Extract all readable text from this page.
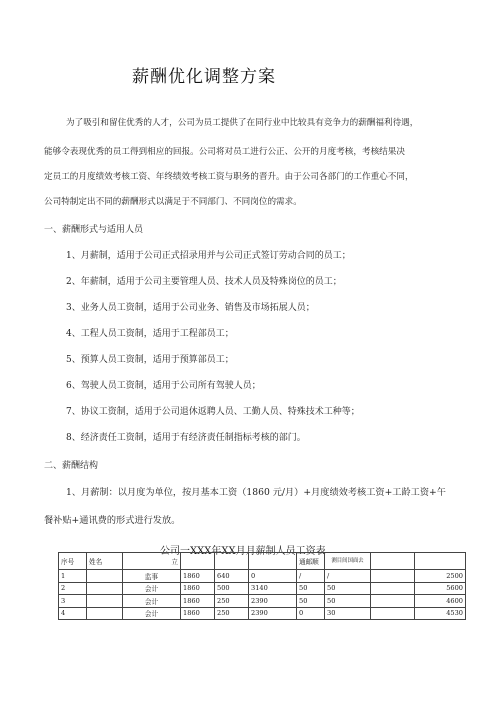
薪酬优化调整方案
为了吸引和留住优秀的人才，公司为员工提供了在同行业中比较具有竞争力的薪酬福利待遇，
能够令表现优秀的员工得到相应的回报。公司将对员工进行公正、公开的月度考核，考核结果决
定员工的月度绩效考核工资、年终绩效考核工资与职务的晋升。由于公司各部门的工作重心不同，
公司特制定出不同的薪酬形式以满足于不同部门、不同岗位的需求。
一、薪酬形式与适用人员
1、月薪制，适用于公司正式招录用并与公司正式签订劳动合同的员工；
2、年薪制，适用于公司主要管理人员、技术人员及特殊岗位的员工；
3、业务人员工资制，适用于公司业务、销售及市场拓展人员；
4、工程人员工资制，适用于工程部员工；
5、预算人员工资制，适用于预算部员工；
6、驾驶人员工资制，适用于公司所有驾驶人员；
7、协议工资制，适用于公司退休返聘人员、工勤人员、特殊技术工种等；
8、经济责任工资制，适用于有经济责任制指标考核的部门。
二、薪酬结构
1、月薪制：以月度为单位，按月基本工资（1860 元/月）+月度绩效考核工资+工龄工资+午
餐补贴+通讯费的形式进行发放。
公司一XXX年XX月月薪制人员工资表
序号	姓名	立				通邮顺	测目间国面去		
1		监事	1860	640	0	/	/		2500
2		会计	1860	500	3140	50	50		5600
3		会计	1860	250	2390	50	50		4600
4		会计	1860	250	2390	0	30		4530
